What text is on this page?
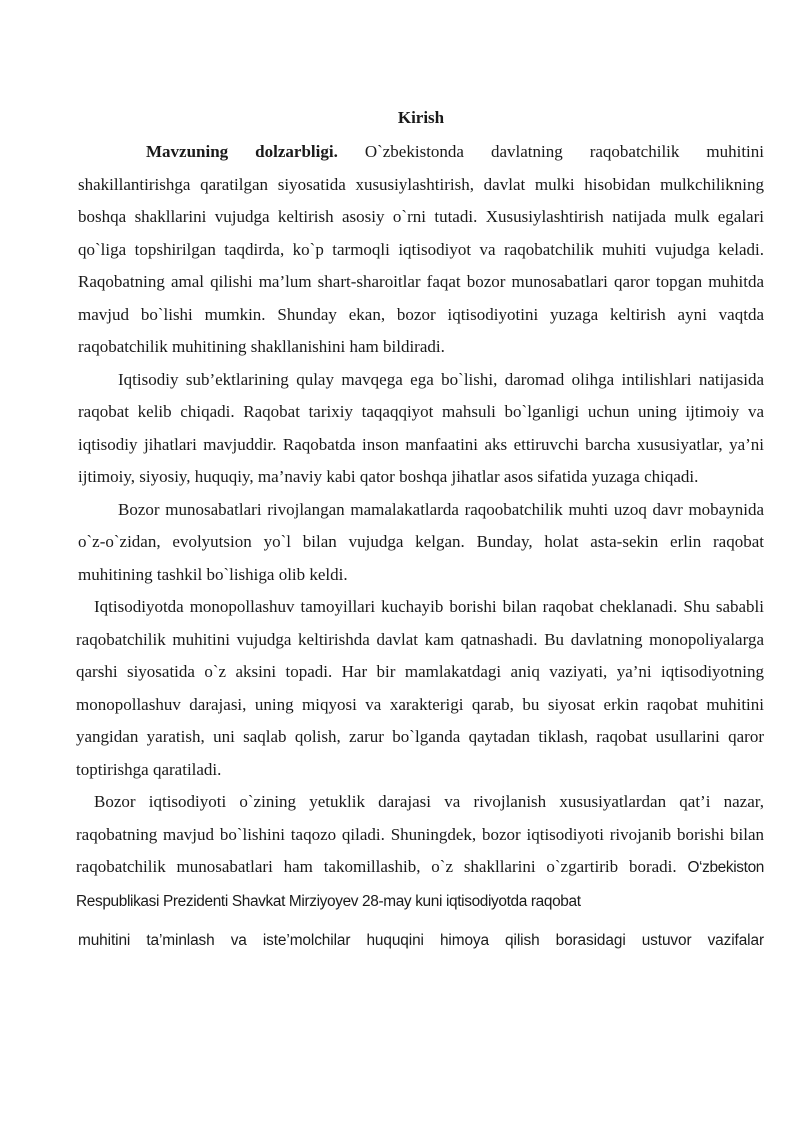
Kirish

Mavzuning dolzarbligi. O`zbekistonda davlatning raqobatchilik muhitini shakillantirishga qaratilgan siyosatida xususiylashtirish, davlat mulki hisobidan mulkchilikning boshqa shakllarini vujudga keltirish asosiy o`rni tutadi. Xususiylashtirish natijada mulk egalari qo`liga topshirilgan taqdirda, ko`p tarmoqli iqtisodiyot va raqobatchilik muhiti vujudga keladi. Raqobatning amal qilishi ma’lum shart-sharoitlar faqat bozor munosabatlari qaror topgan muhitda mavjud bo`lishi mumkin. Shunday ekan, bozor iqtisodiyotini yuzaga keltirish ayni vaqtda raqobatchilik muhitining shakllanishini ham bildiradi.

Iqtisodiy sub’ektlarining qulay mavqega ega bo`lishi, daromad olihga intilishlari natijasida raqobat kelib chiqadi. Raqobat tarixiy taqaqqiyot mahsuli bo`lganligi uchun uning ijtimoiy va iqtisodiy jihatlari mavjuddir. Raqobatda inson manfaatini aks ettiruvchi barcha xususiyatlar, ya’ni ijtimoiy, siyosiy, huquqiy, ma’naviy kabi qator boshqa jihatlar asos sifatida yuzaga chiqadi.

Bozor munosabatlari rivojlangan mamalakatlarda raqoobatchilik muhti uzoq davr mobaynida o`z-o`zidan, evolyutsion yo`l bilan vujudga kelgan. Bunday, holat asta-sekin erlin raqobat muhitining tashkil bo`lishiga olib keldi.

Iqtisodiyotda monopollashuv tamoyillari kuchayib borishi bilan raqobat cheklanadi. Shu sababli raqobatchilik muhitini vujudga keltirishda davlat kam qatnashadi. Bu davlatning monopoliyalarga qarshi siyosatida o`z aksini topadi. Har bir mamlakatdagi aniq vaziyati, ya’ni iqtisodiyotning monopollashuv darajasi, uning miqyosi va xarakterigi qarab, bu siyosat erkin raqobat muhitini yangidan yaratish, uni saqlab qolish, zarur bo`lganda qaytadan tiklash, raqobat usullarini qaror toptirishga qaratiladi.

Bozor iqtisodiyoti o`zining yetuklik darajasi va rivojlanish xususiyatlardan qat’i nazar, raqobatning mavjud bo`lishini taqozo qiladi. Shuningdek, bozor iqtisodiyoti rivojanib borishi bilan raqobatchilik munosabatlari ham takomillashib, o`z shakllarini o`zgartirib boradi. O‘zbekiston Respublikasi Prezidenti Shavkat Mirziyoyev 28-may kuni iqtisodiyotda raqobat

muhitini ta’minlash va iste’molchilar huquqini himoya qilish borasidagi ustuvor vazifalar
